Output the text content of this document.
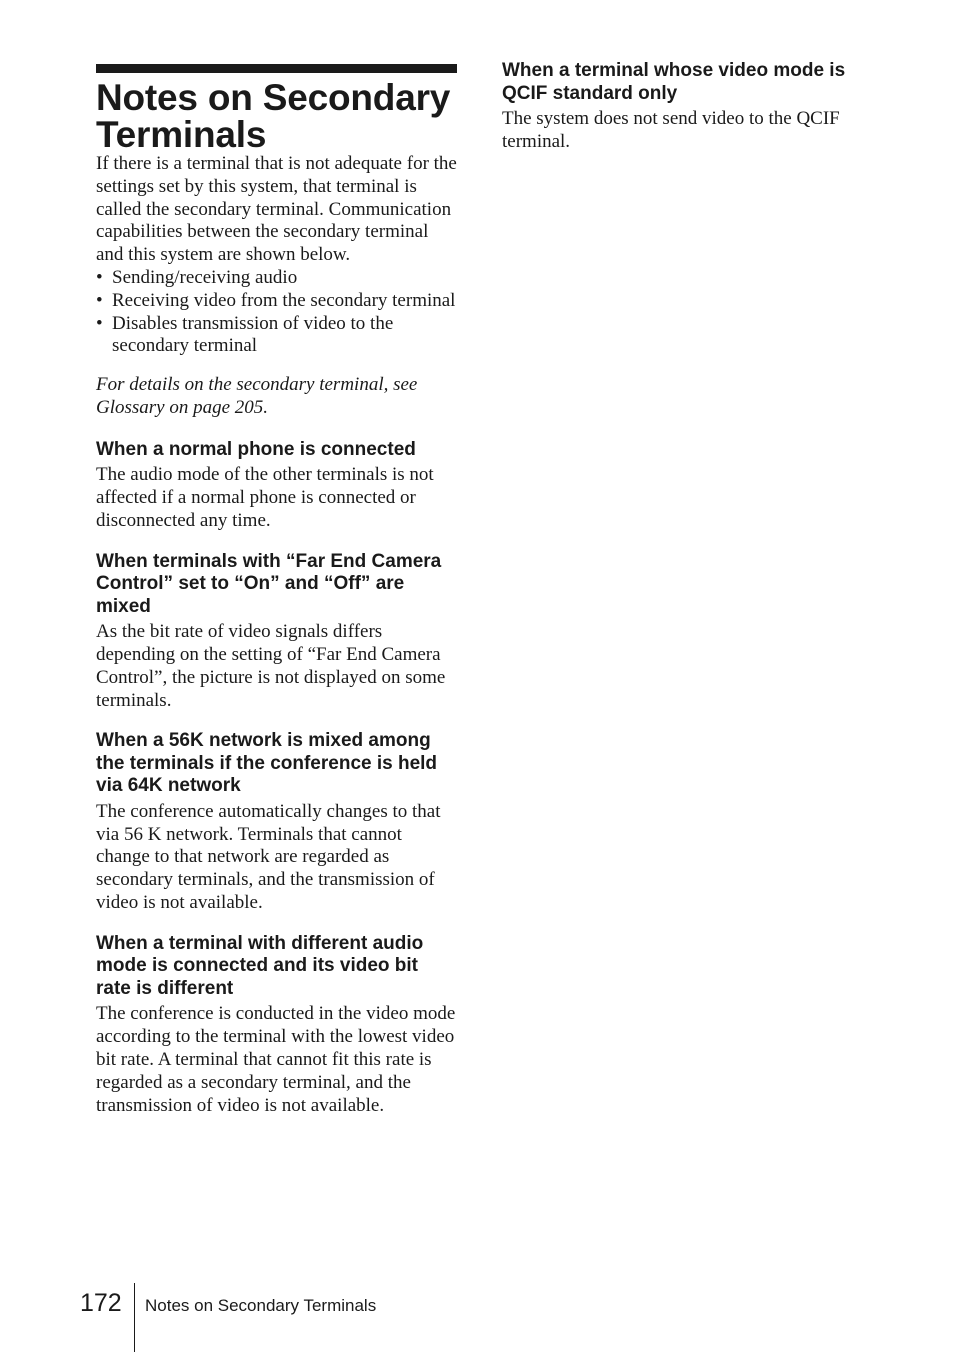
Notes on Secondary Terminals

If there is a terminal that is not adequate for the settings set by this system, that terminal is called the secondary terminal. Communication capabilities between the secondary terminal and this system are shown below.

• Sending/receiving audio
• Receiving video from the secondary terminal
• Disables transmission of video to the secondary terminal

For details on the secondary terminal, see Glossary on page 205.

When a normal phone is connected

The audio mode of the other terminals is not affected if a normal phone is connected or disconnected any time.

When terminals with “Far End Camera Control” set to “On” and “Off” are mixed

As the bit rate of video signals differs depending on the setting of “Far End Camera Control”, the picture is not displayed on some terminals.

When a 56K network is mixed among the terminals if the conference is held via 64K network

The conference automatically changes to that via 56 K network. Terminals that cannot change to that network are regarded as secondary terminals, and the transmission of video is not available.

When a terminal with different audio mode is connected and its video bit rate is different

The conference is conducted in the video mode according to the terminal with the lowest video bit rate. A terminal that cannot fit this rate is regarded as a secondary terminal, and the transmission of video is not available.

When a terminal whose video mode is QCIF standard only

The system does not send video to the QCIF terminal.

172 Notes on Secondary Terminals
